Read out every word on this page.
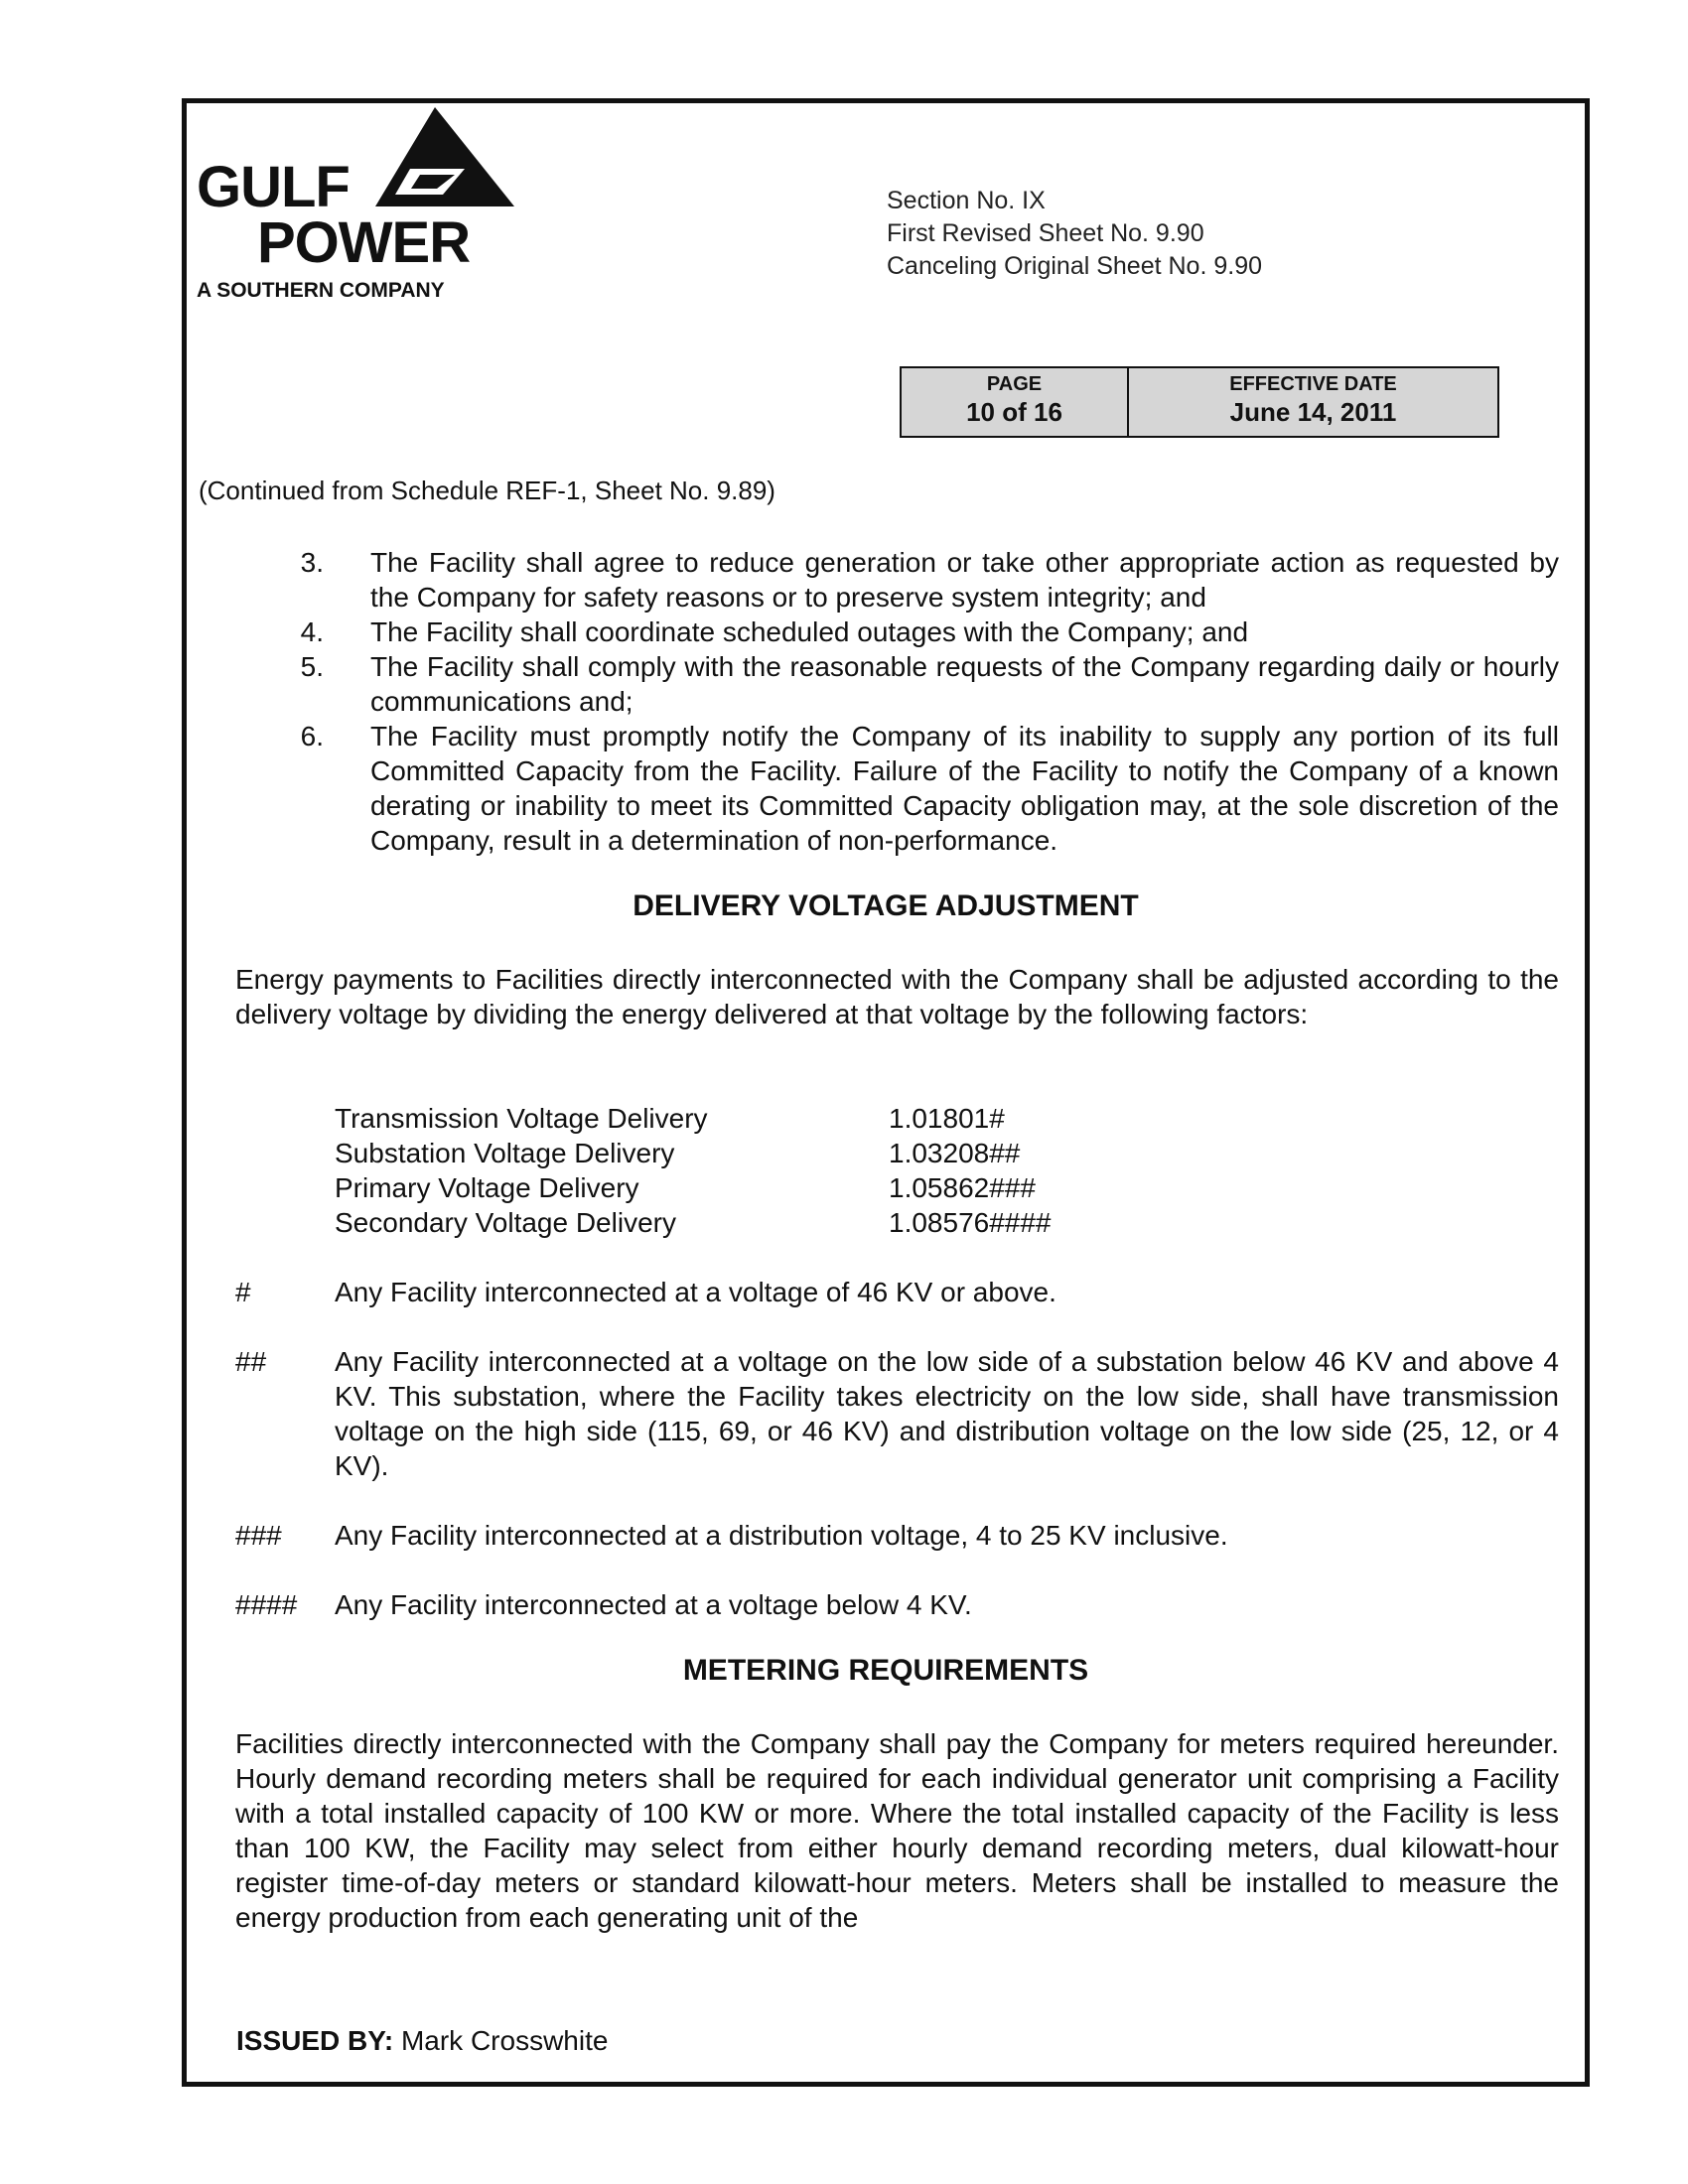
GULF
POWER
A SOUTHERN COMPANY
Section No. IX
First Revised Sheet No. 9.90
Canceling Original Sheet No. 9.90
PAGE
10 of 16
EFFECTIVE DATE
June 14, 2011
(Continued from Schedule REF-1, Sheet No. 9.89)
3. The Facility shall agree to reduce generation or take other appropriate action as requested by the Company for safety reasons or to preserve system integrity; and
4. The Facility shall coordinate scheduled outages with the Company; and
5. The Facility shall comply with the reasonable requests of the Company regarding daily or hourly communications and;
6. The Facility must promptly notify the Company of its inability to supply any portion of its full Committed Capacity from the Facility. Failure of the Facility to notify the Company of a known derating or inability to meet its Committed Capacity obligation may, at the sole discretion of the Company, result in a determination of non-performance.
DELIVERY VOLTAGE ADJUSTMENT
Energy payments to Facilities directly interconnected with the Company shall be adjusted according to the delivery voltage by dividing the energy delivered at that voltage by the following factors:
Transmission Voltage Delivery	1.01801#
Substation Voltage Delivery	1.03208##
Primary Voltage Delivery	1.05862###
Secondary Voltage Delivery	1.08576####
#	Any Facility interconnected at a voltage of 46 KV or above.
## Any Facility interconnected at a voltage on the low side of a substation below 46 KV and above 4 KV. This substation, where the Facility takes electricity on the low side, shall have transmission voltage on the high side (115, 69, or 46 KV) and distribution voltage on the low side (25, 12, or 4 KV).
### Any Facility interconnected at a distribution voltage, 4 to 25 KV inclusive.
#### Any Facility interconnected at a voltage below 4 KV.
METERING REQUIREMENTS
Facilities directly interconnected with the Company shall pay the Company for meters required hereunder. Hourly demand recording meters shall be required for each individual generator unit comprising a Facility with a total installed capacity of 100 KW or more. Where the total installed capacity of the Facility is less than 100 KW, the Facility may select from either hourly demand recording meters, dual kilowatt-hour register time-of-day meters or standard kilowatt-hour meters. Meters shall be installed to measure the energy production from each generating unit of the
ISSUED BY: Mark Crosswhite
